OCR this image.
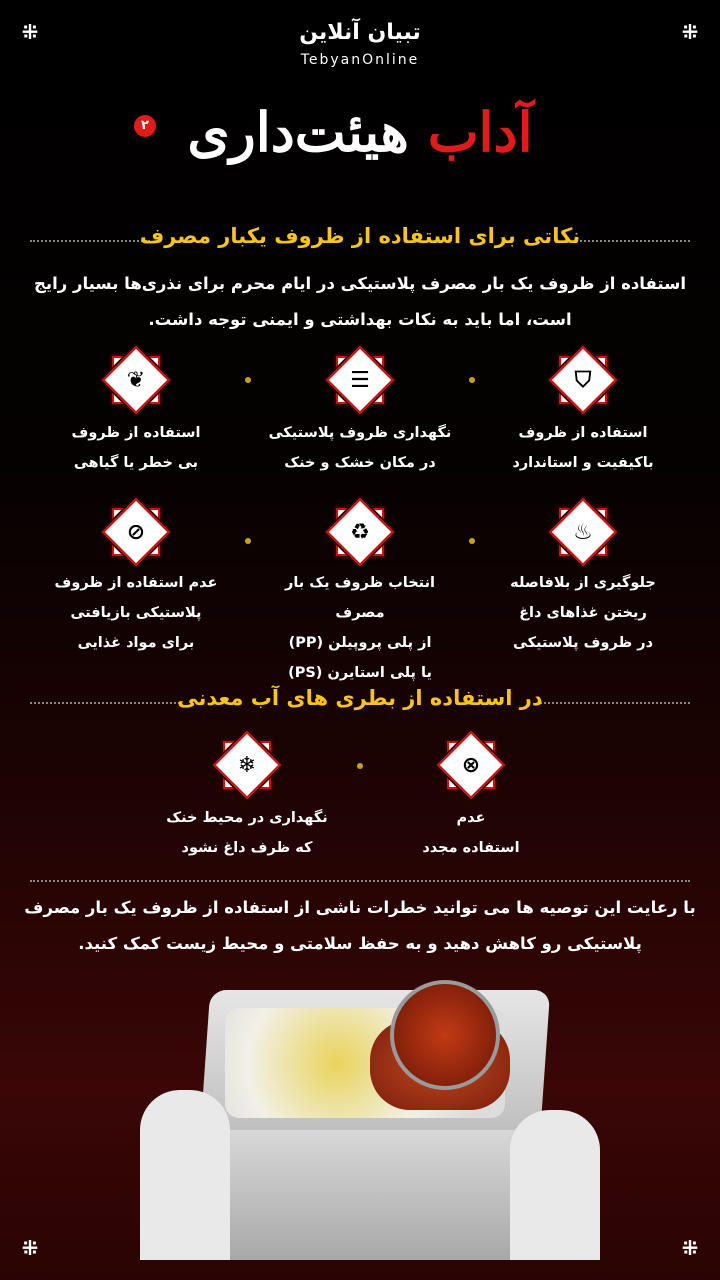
⁜	⁜
⁜	⁜
تبیان آنلاین
TebyanOnline
آداب هیئت‌داری
۲
نکاتی برای استفاده از ظروف یکبار مصرف
استفاده از ظروف یک بار مصرف پلاستیکی در ایام محرم برای نذری‌ها بسیار رایج
است، اما باید به نکات بهداشتی و ایمنی توجه داشت.
⛉
استفاده از ظروف
باکیفیت و استاندارد
☰
نگهداری ظروف پلاستیکی
در مکان خشک و خنک
❦
استفاده از ظروف
بی خطر یا گیاهی
♨
جلوگیری از بلافاصله
ریختن غذاهای داغ
در ظروف پلاستیکی
♻
انتخاب ظروف یک بار مصرف
از پلی پروپیلن (PP)
یا پلی استایرن (PS)
⊘
عدم استفاده از ظروف
پلاستیکی بازیافتی
برای مواد غذایی
⊗
عدم
استفاده مجدد
❄
نگهداری در محیط خنک
که ظرف داغ نشود
در استفاده از بطری های آب معدنی
با رعایت این توصیه ها می توانید خطرات ناشی از استفاده از ظروف یک بار مصرف
پلاستیکی رو کاهش دهید و به حفظ سلامتی و محیط زیست کمک کنید.
